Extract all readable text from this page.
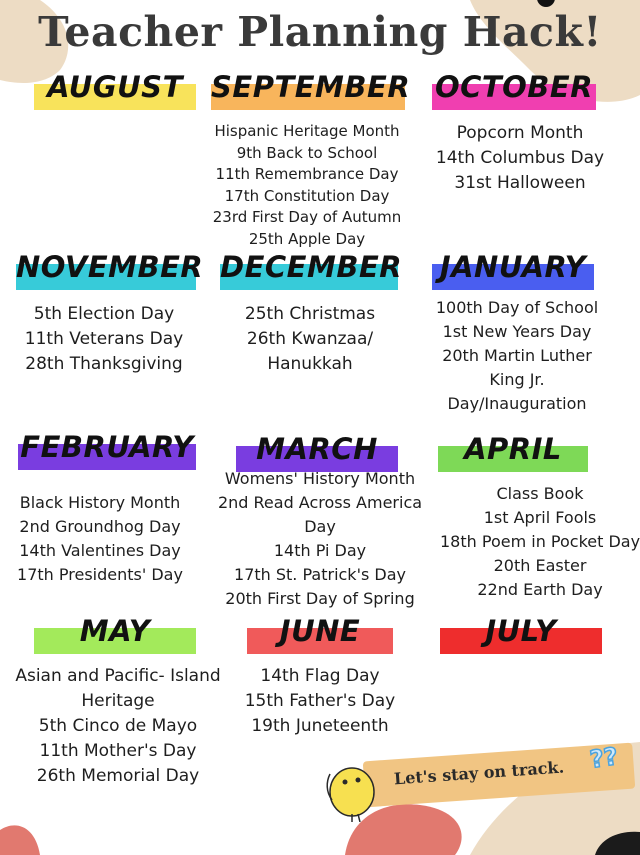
Teacher Planning Hack!
AUGUST SEPTEMBER
Hispanic Heritage Month
9th Back to School
11th Remembrance Day
17th Constitution Day
23rd First Day of Autumn
25th Apple Day
OCTOBER
Popcorn Month
14th Columbus Day
31st Halloween
NOVEMBER
5th Election Day
11th Veterans Day
28th Thanksgiving
DECEMBER
25th Christmas
26th Kwanzaa/
Hanukkah
JANUARY
100th Day of School
1st New Years Day
20th Martin Luther
King Jr.
Day/Inauguration
FEBRUARY
Black History Month
2nd Groundhog Day
14th Valentines Day
17th Presidents' Day
MARCH
Womens' History Month
2nd Read Across America
Day
14th Pi Day
17th St. Patrick's Day
20th First Day of Spring
APRIL
Class Book
1st April Fools
18th Poem in Pocket Day
20th Easter
22nd Earth Day
MAY
Asian and Pacific- Island
Heritage
5th Cinco de Mayo
11th Mother's Day
26th Memorial Day
JUNE
14th Flag Day
15th Father's Day
19th Juneteenth
JULY
Let's stay on track. ??
